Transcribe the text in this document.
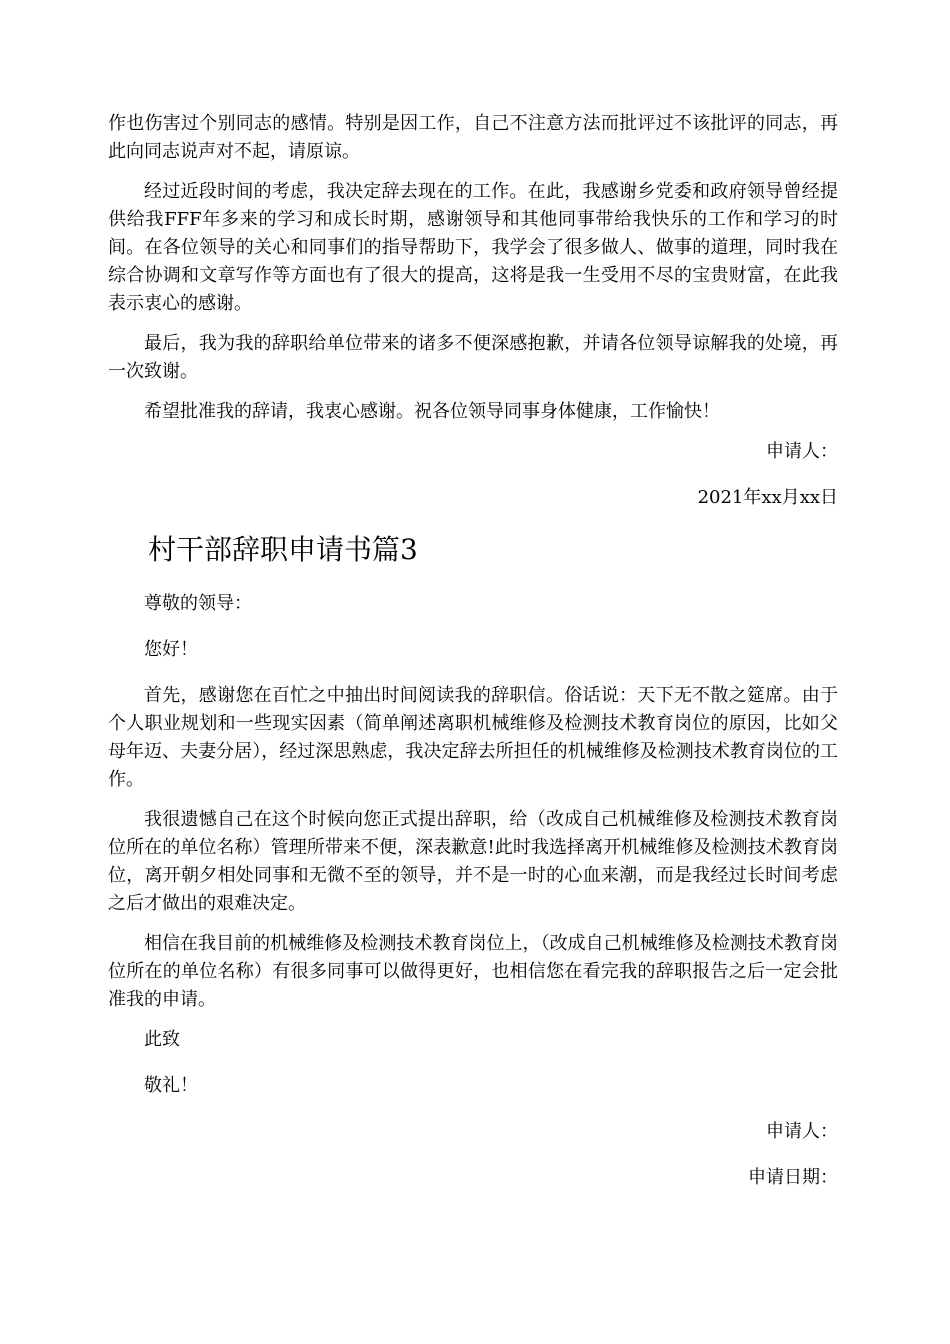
作也伤害过个别同志的感情。特别是因工作，自己不注意方法而批评过不该批评的同志，再此向同志说声对不起，请原谅。

经过近段时间的考虑，我决定辞去现在的工作。在此，我感谢乡党委和政府领导曾经提供给我FFF年多来的学习和成长时期，感谢领导和其他同事带给我快乐的工作和学习的时间。在各位领导的关心和同事们的指导帮助下，我学会了很多做人、做事的道理，同时我在综合协调和文章写作等方面也有了很大的提高，这将是我一生受用不尽的宝贵财富，在此我表示衷心的感谢。

最后，我为我的辞职给单位带来的诸多不便深感抱歉，并请各位领导谅解我的处境，再一次致谢。

希望批准我的辞请，我衷心感谢。祝各位领导同事身体健康，工作愉快！

申请人：

2021年xx月xx日

村干部辞职申请书篇3

尊敬的领导：

您好！

首先，感谢您在百忙之中抽出时间阅读我的辞职信。俗话说：天下无不散之筵席。由于个人职业规划和一些现实因素（简单阐述离职机械维修及检测技术教育岗位的原因，比如父母年迈、夫妻分居），经过深思熟虑，我决定辞去所担任的机械维修及检测技术教育岗位的工作。

我很遗憾自己在这个时候向您正式提出辞职，给（改成自己机械维修及检测技术教育岗位所在的单位名称）管理所带来不便，深表歉意!此时我选择离开机械维修及检测技术教育岗位，离开朝夕相处同事和无微不至的领导，并不是一时的心血来潮，而是我经过长时间考虑之后才做出的艰难决定。

相信在我目前的机械维修及检测技术教育岗位上，（改成自己机械维修及检测技术教育岗位所在的单位名称）有很多同事可以做得更好，也相信您在看完我的辞职报告之后一定会批准我的申请。

此致

敬礼！

申请人：

申请日期：
